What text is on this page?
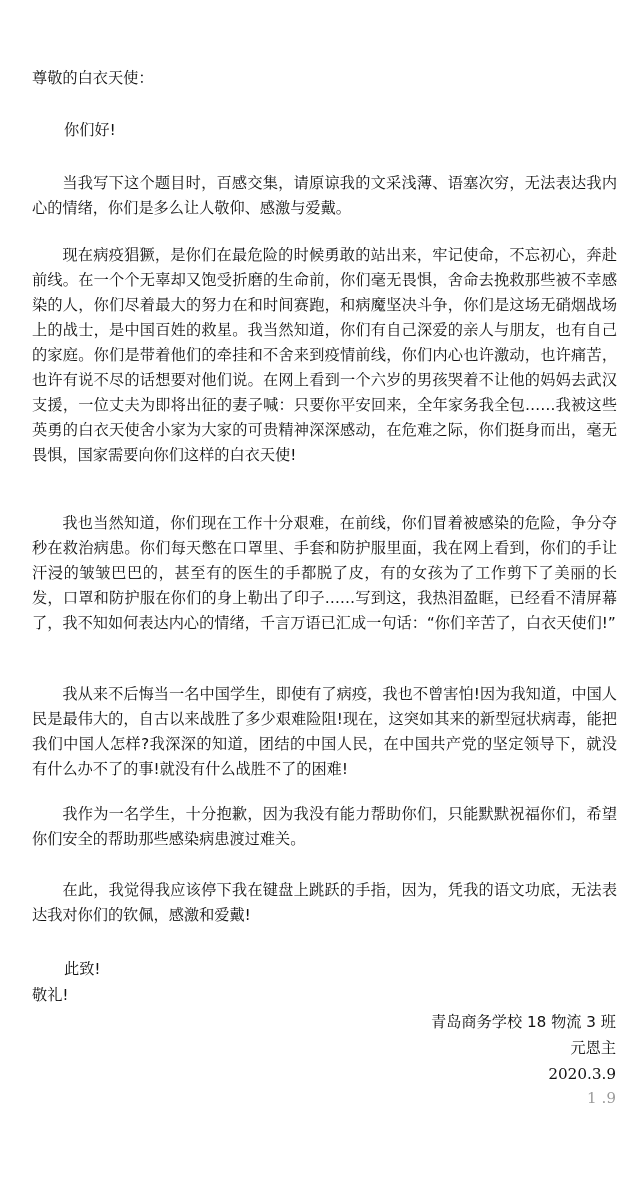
尊敬的白衣天使：
你们好!
当我写下这个题目时，百感交集，请原谅我的文采浅薄、语塞次穷，无法表达我内心的情绪，你们是多么让人敬仰、感激与爱戴。
现在病疫猖獗，是你们在最危险的时候勇敢的站出来，牢记使命，不忘初心，奔赴前线。在一个个无辜却又饱受折磨的生命前，你们毫无畏惧，舍命去挽救那些被不幸感染的人，你们尽着最大的努力在和时间赛跑，和病魔坚决斗争，你们是这场无硝烟战场上的战士，是中国百姓的救星。我当然知道，你们有自己深爱的亲人与朋友，也有自己的家庭。你们是带着他们的牵挂和不舍来到疫情前线，你们内心也许激动，也许痛苦，也许有说不尽的话想要对他们说。在网上看到一个六岁的男孩哭着不让他的妈妈去武汉支援，一位丈夫为即将出征的妻子喊：只要你平安回来，全年家务我全包……我被这些英勇的白衣天使舍小家为大家的可贵精神深深感动，在危难之际，你们挺身而出，毫无畏惧，国家需要向你们这样的白衣天使!
我也当然知道，你们现在工作十分艰难，在前线，你们冒着被感染的危险，争分夺秒在救治病患。你们每天憋在口罩里、手套和防护服里面，我在网上看到，你们的手让汗浸的皱皱巴巴的，甚至有的医生的手都脱了皮，有的女孩为了工作剪下了美丽的长发，口罩和防护服在你们的身上勒出了印子……写到这，我热泪盈眶，已经看不清屏幕了，我不知如何表达内心的情绪，千言万语已汇成一句话：“你们辛苦了，白衣天使们!”
我从来不后悔当一名中国学生，即使有了病疫，我也不曾害怕!因为我知道，中国人民是最伟大的，自古以来战胜了多少艰难险阻!现在，这突如其来的新型冠状病毒，能把我们中国人怎样?我深深的知道，团结的中国人民，在中国共产党的坚定领导下，就没有什么办不了的事!就没有什么战胜不了的困难!
我作为一名学生，十分抱歉，因为我没有能力帮助你们，只能默默祝福你们，希望你们安全的帮助那些感染病患渡过难关。
在此，我觉得我应该停下我在键盘上跳跃的手指，因为，凭我的语文功底，无法表达我对你们的钦佩，感激和爱戴!
此致!
敬礼!
青岛商务学校 18 物流 3 班
元恩主
2020.3.9
1 .9
